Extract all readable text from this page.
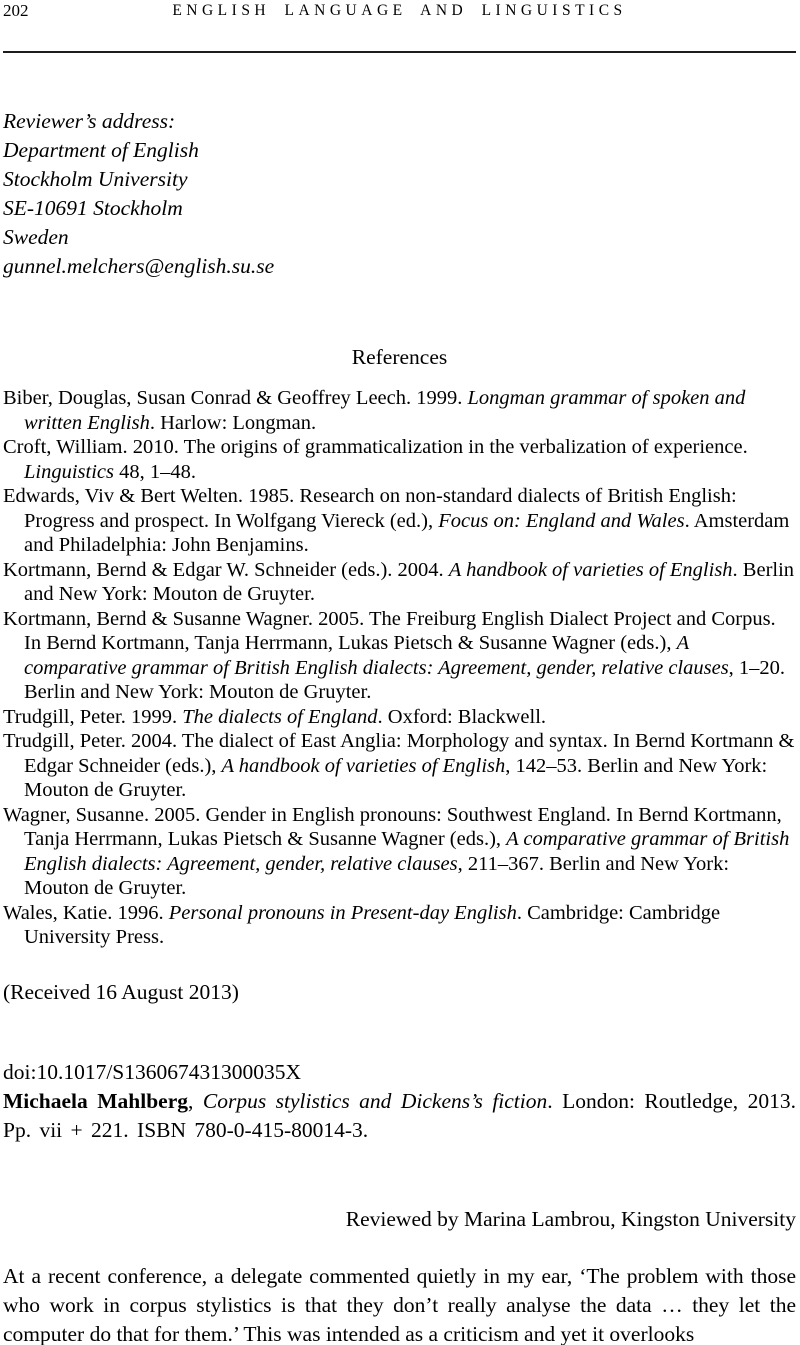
202	ENGLISH LANGUAGE AND LINGUISTICS
Reviewer’s address:
Department of English
Stockholm University
SE-10691 Stockholm
Sweden
gunnel.melchers@english.su.se
References
Biber, Douglas, Susan Conrad & Geoffrey Leech. 1999. Longman grammar of spoken and written English. Harlow: Longman.
Croft, William. 2010. The origins of grammaticalization in the verbalization of experience. Linguistics 48, 1–48.
Edwards, Viv & Bert Welten. 1985. Research on non-standard dialects of British English: Progress and prospect. In Wolfgang Viereck (ed.), Focus on: England and Wales. Amsterdam and Philadelphia: John Benjamins.
Kortmann, Bernd & Edgar W. Schneider (eds.). 2004. A handbook of varieties of English. Berlin and New York: Mouton de Gruyter.
Kortmann, Bernd & Susanne Wagner. 2005. The Freiburg English Dialect Project and Corpus. In Bernd Kortmann, Tanja Herrmann, Lukas Pietsch & Susanne Wagner (eds.), A comparative grammar of British English dialects: Agreement, gender, relative clauses, 1–20. Berlin and New York: Mouton de Gruyter.
Trudgill, Peter. 1999. The dialects of England. Oxford: Blackwell.
Trudgill, Peter. 2004. The dialect of East Anglia: Morphology and syntax. In Bernd Kortmann & Edgar Schneider (eds.), A handbook of varieties of English, 142–53. Berlin and New York: Mouton de Gruyter.
Wagner, Susanne. 2005. Gender in English pronouns: Southwest England. In Bernd Kortmann, Tanja Herrmann, Lukas Pietsch & Susanne Wagner (eds.), A comparative grammar of British English dialects: Agreement, gender, relative clauses, 211–367. Berlin and New York: Mouton de Gruyter.
Wales, Katie. 1996. Personal pronouns in Present-day English. Cambridge: Cambridge University Press.

(Received 16 August 2013)

doi:10.1017/S136067431300035X

Michaela Mahlberg, Corpus stylistics and Dickens’s fiction. London: Routledge, 2013. Pp. vii + 221. ISBN 780-0-415-80014-3.

Reviewed by Marina Lambrou, Kingston University

At a recent conference, a delegate commented quietly in my ear, ‘The problem with those who work in corpus stylistics is that they don’t really analyse the data … they let the computer do that for them.’ This was intended as a criticism and yet it overlooks
